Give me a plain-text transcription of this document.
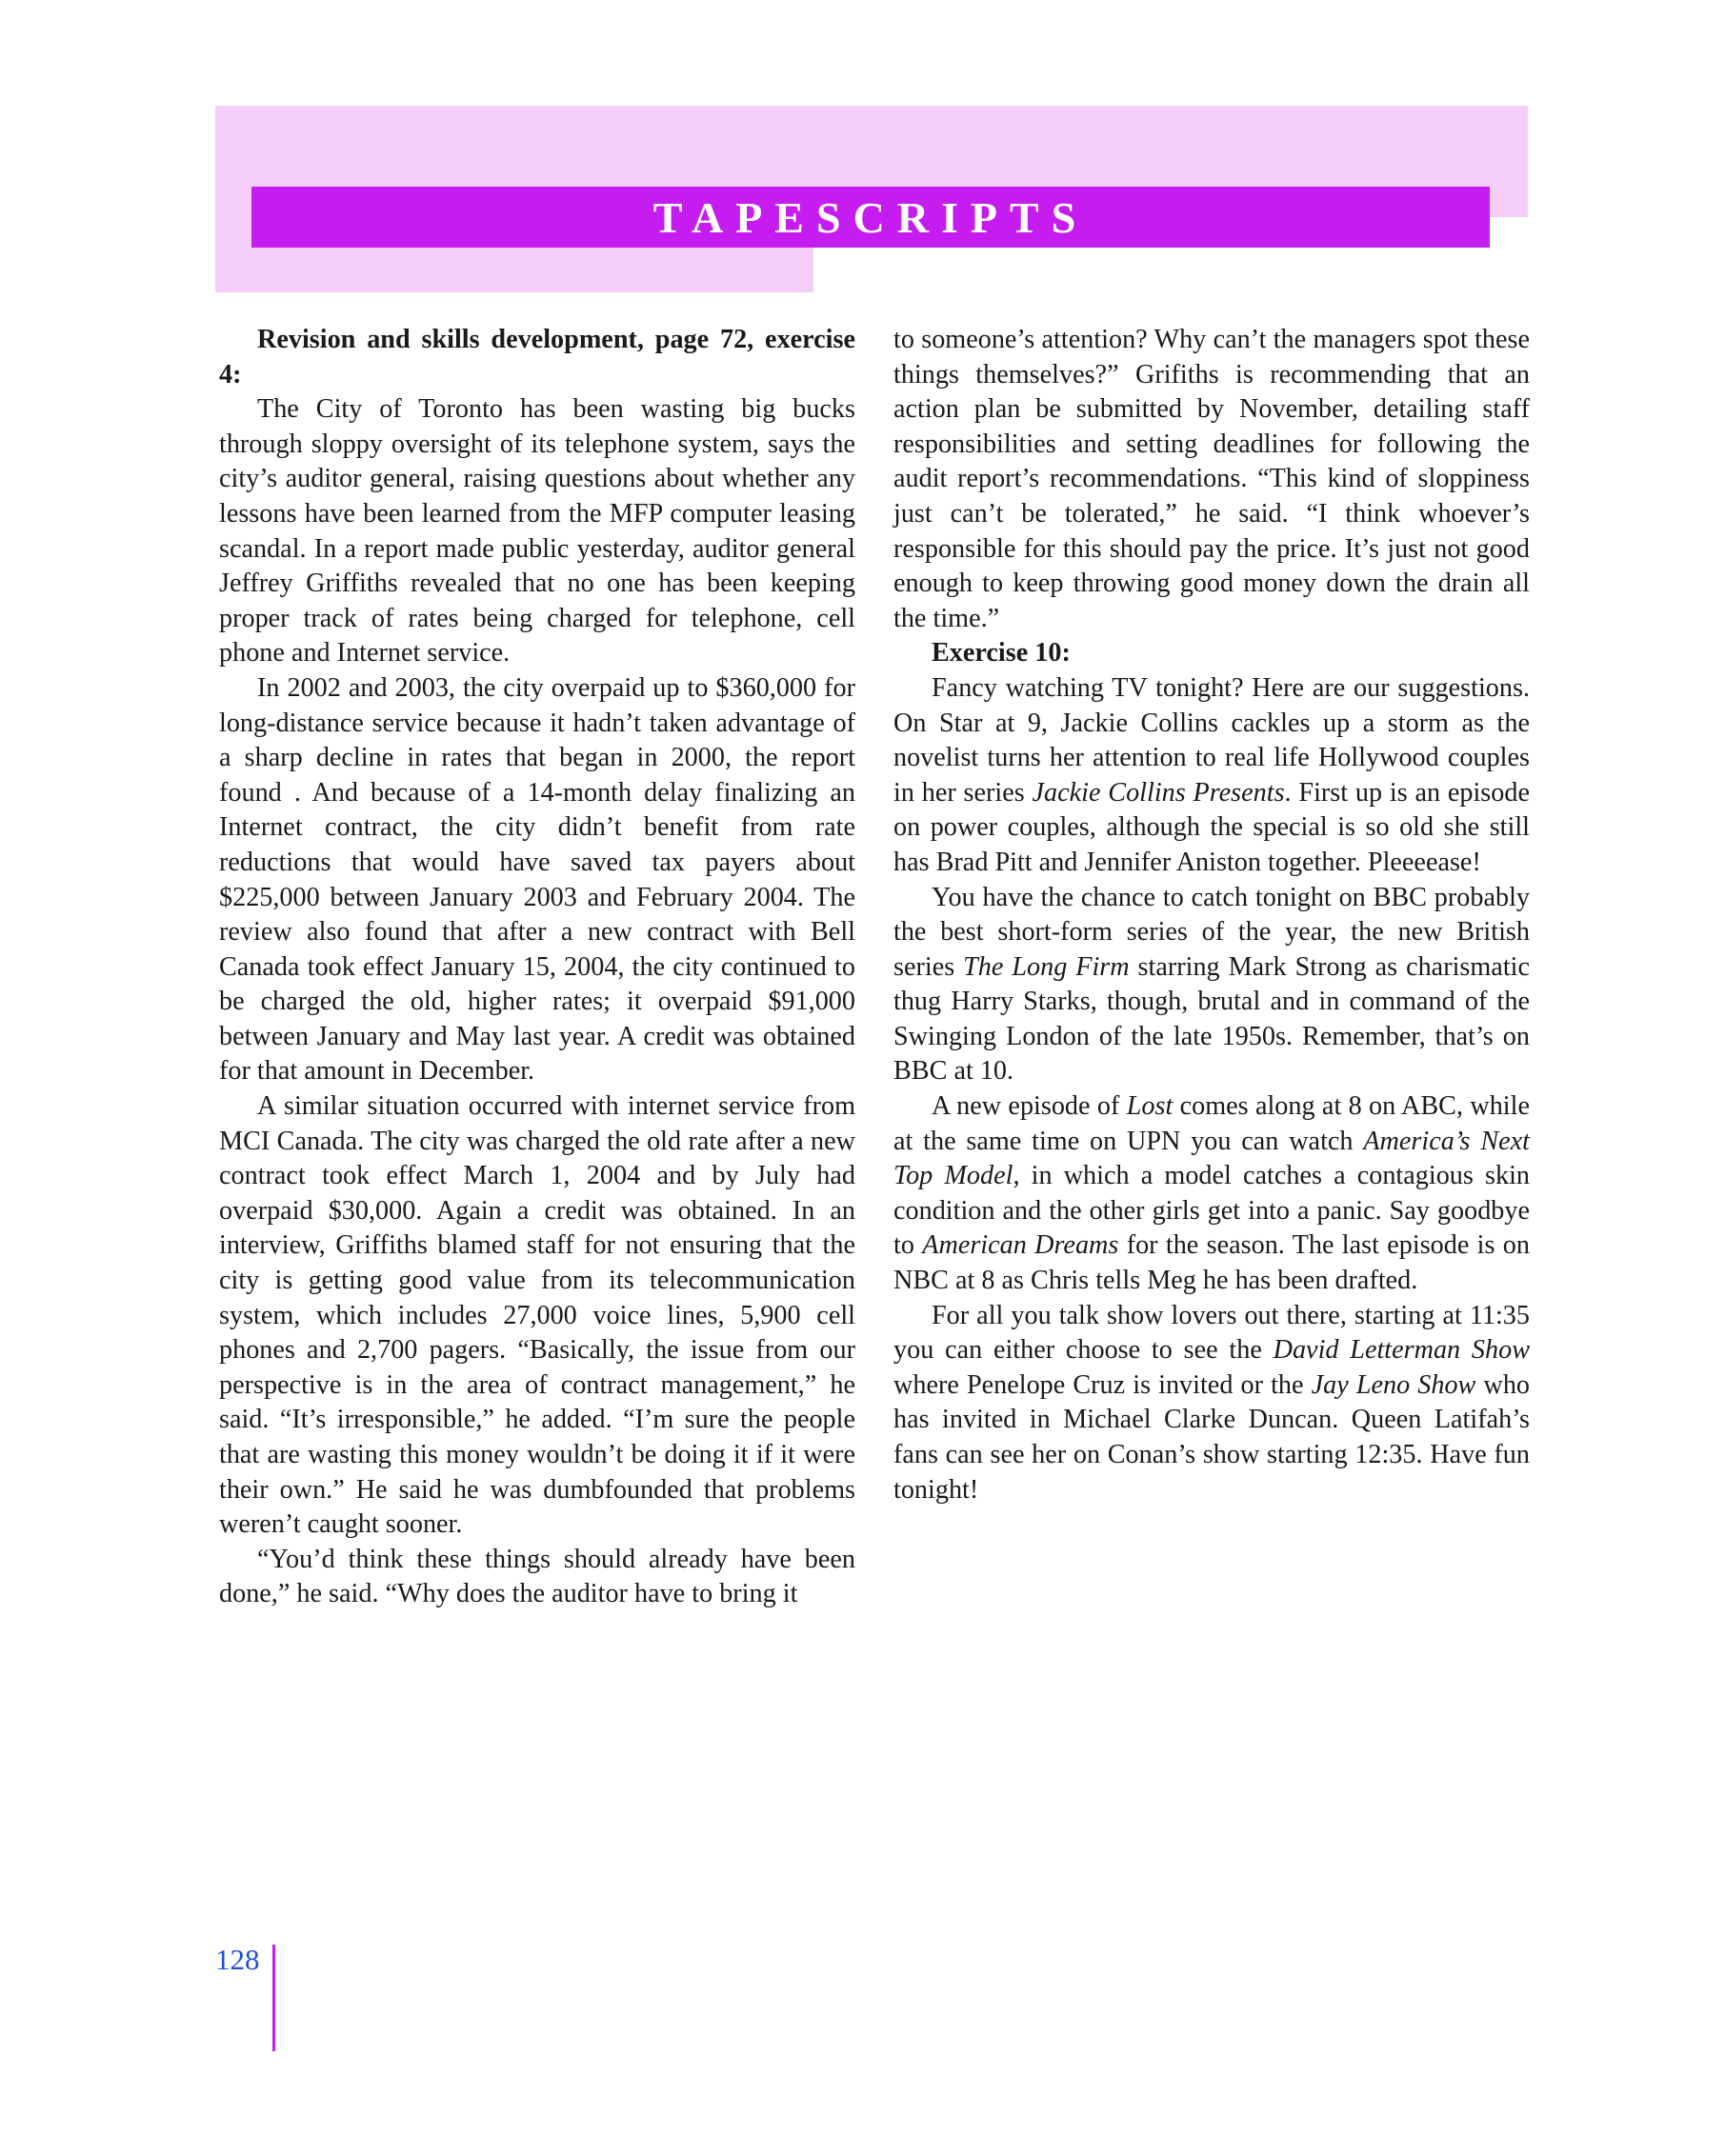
TAPESCRIPTS

Revision and skills development, page 72, exercise 4:

The City of Toronto has been wasting big bucks through sloppy oversight of its telephone system, says the city’s auditor general, raising questions about whether any lessons have been learned from the MFP computer leasing scandal. In a report made public yesterday, auditor general Jeffrey Griffiths revealed that no one has been keeping proper track of rates being charged for telephone, cell phone and Internet service.

In 2002 and 2003, the city overpaid up to $360,000 for long-distance service because it hadn’t taken advantage of a sharp decline in rates that began in 2000, the report found . And because of a 14-month delay finalizing an Internet contract, the city didn’t benefit from rate reductions that would have saved tax payers about $225,000 between January 2003 and February 2004. The review also found that after a new contract with Bell Canada took effect January 15, 2004, the city continued to be charged the old, higher rates; it overpaid $91,000 between January and May last year. A credit was obtained for that amount in December.

A similar situation occurred with internet service from MCI Canada. The city was charged the old rate after a new contract took effect March 1, 2004 and by July had overpaid $30,000. Again a credit was obtained. In an interview, Griffiths blamed staff for not ensuring that the city is getting good value from its telecommunication system, which includes 27,000 voice lines, 5,900 cell phones and 2,700 pagers. “Basically, the issue from our perspective is in the area of contract management,” he said. “It’s irresponsible,” he added. “I’m sure the people that are wasting this money wouldn’t be doing it if it were their own.” He said he was dumbfounded that problems weren’t caught sooner.

“You’d think these things should already have been done,” he said. “Why does the auditor have to bring it

to someone’s attention? Why can’t the managers spot these things themselves?” Grifiths is recommending that an action plan be submitted by November, detailing staff responsibilities and setting deadlines for following the audit report’s recommendations. “This kind of sloppiness just can’t be tolerated,” he said. “I think whoever’s responsible for this should pay the price. It’s just not good enough to keep throwing good money down the drain all the time.”

Exercise 10:

Fancy watching TV tonight? Here are our suggestions. On Star at 9, Jackie Collins cackles up a storm as the novelist turns her attention to real life Hollywood couples in her series Jackie Collins Presents. First up is an episode on power couples, although the special is so old she still has Brad Pitt and Jennifer Aniston together. Pleeeease!

You have the chance to catch tonight on BBC probably the best short-form series of the year, the new British series The Long Firm starring Mark Strong as charismatic thug Harry Starks, though, brutal and in command of the Swinging London of the late 1950s. Remember, that’s on BBC at 10.

A new episode of Lost comes along at 8 on ABC, while at the same time on UPN you can watch America’s Next Top Model, in which a model catches a contagious skin condition and the other girls get into a panic. Say goodbye to American Dreams for the season. The last episode is on NBC at 8 as Chris tells Meg he has been drafted.

For all you talk show lovers out there, starting at 11:35 you can either choose to see the David Letterman Show where Penelope Cruz is invited or the Jay Leno Show who has invited in Michael Clarke Duncan. Queen Latifah’s fans can see her on Conan’s show starting 12:35. Have fun tonight!

128
